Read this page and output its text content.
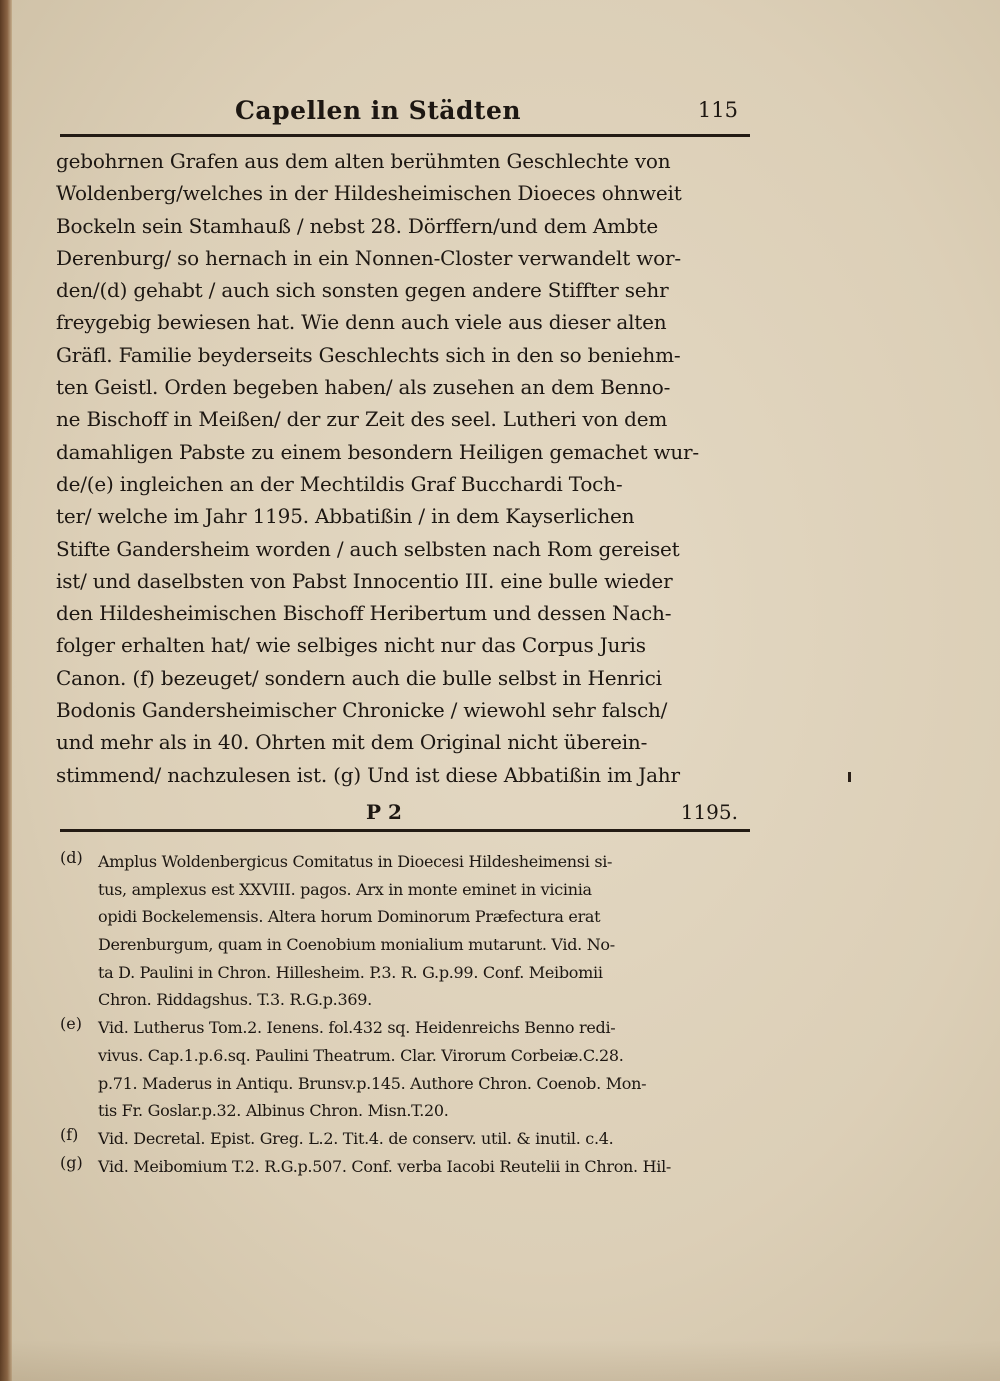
Capellen in Städten	115
gebohrnen Grafen aus dem alten berühmten Geschlechte von
Woldenberg/welches in der Hildesheimischen Dioeces ohnweit
Bockeln sein Stamhauß / nebst 28. Dörffern/und dem Ambte
Derenburg/ so hernach in ein Nonnen-Closter verwandelt wor-
den/(d) gehabt / auch sich sonsten gegen andere Stiffter sehr
freygebig bewiesen hat. Wie denn auch viele aus dieser alten
Gräfl. Familie beyderseits Geschlechts sich in den so beniehm-
ten Geistl. Orden begeben haben/ als zusehen an dem Benno-
ne Bischoff in Meißen/ der zur Zeit des seel. Lutheri von dem
damahligen Pabste zu einem besondern Heiligen gemachet wur-
de/(e) ingleichen an der Mechtildis Graf Bucchardi Toch-
ter/ welche im Jahr 1195. Abbatißin / in dem Kayserlichen
Stifte Gandersheim worden / auch selbsten nach Rom gereiset
ist/ und daselbsten von Pabst Innocentio III. eine bulle wieder
den Hildesheimischen Bischoff Heribertum und dessen Nach-
folger erhalten hat/ wie selbiges nicht nur das Corpus Juris
Canon. (f) bezeuget/ sondern auch die bulle selbst in Henrici
Bodonis Gandersheimischer Chronicke / wiewohl sehr falsch/
und mehr als in 40. Ohrten mit dem Original nicht überein-
stimmend/ nachzulesen ist. (g) Und ist diese Abbatißin im Jahr
P 2	1195.
(d) Amplus Woldenbergicus Comitatus in Dioecesi Hildesheimensi si-
tus, amplexus est XXVIII. pagos. Arx in monte eminet in vicinia
opidi Bockelemensis. Altera horum Dominorum Præfectura erat
Derenburgum, quam in Coenobium monialium mutarunt. Vid. No-
ta D. Paulini in Chron. Hillesheim. P.3. R. G.p.99. Conf. Meibomii
Chron. Riddagshus. T.3. R.G.p.369.
(e)	Vid. Lutherus Tom.2. Ienens. fol.432 sq. Heidenreichs Benno redi-
vivus. Cap.1.p.6.sq. Paulini Theatrum. Clar. Virorum Corbeiæ.C.28.
p.71. Maderus in Antiqu. Brunsv.p.145. Authore Chron. Coenob. Mon-
tis Fr. Goslar.p.32. Albinus Chron. Misn.T.20.
(f)	Vid. Decretal. Epist. Greg. L.2. Tit.4. de conserv. util. & inutil. c.4.
(g) Vid. Meibomium T.2. R.G.p.507. Conf. verba Iacobi Reutelii in Chron. Hil-
